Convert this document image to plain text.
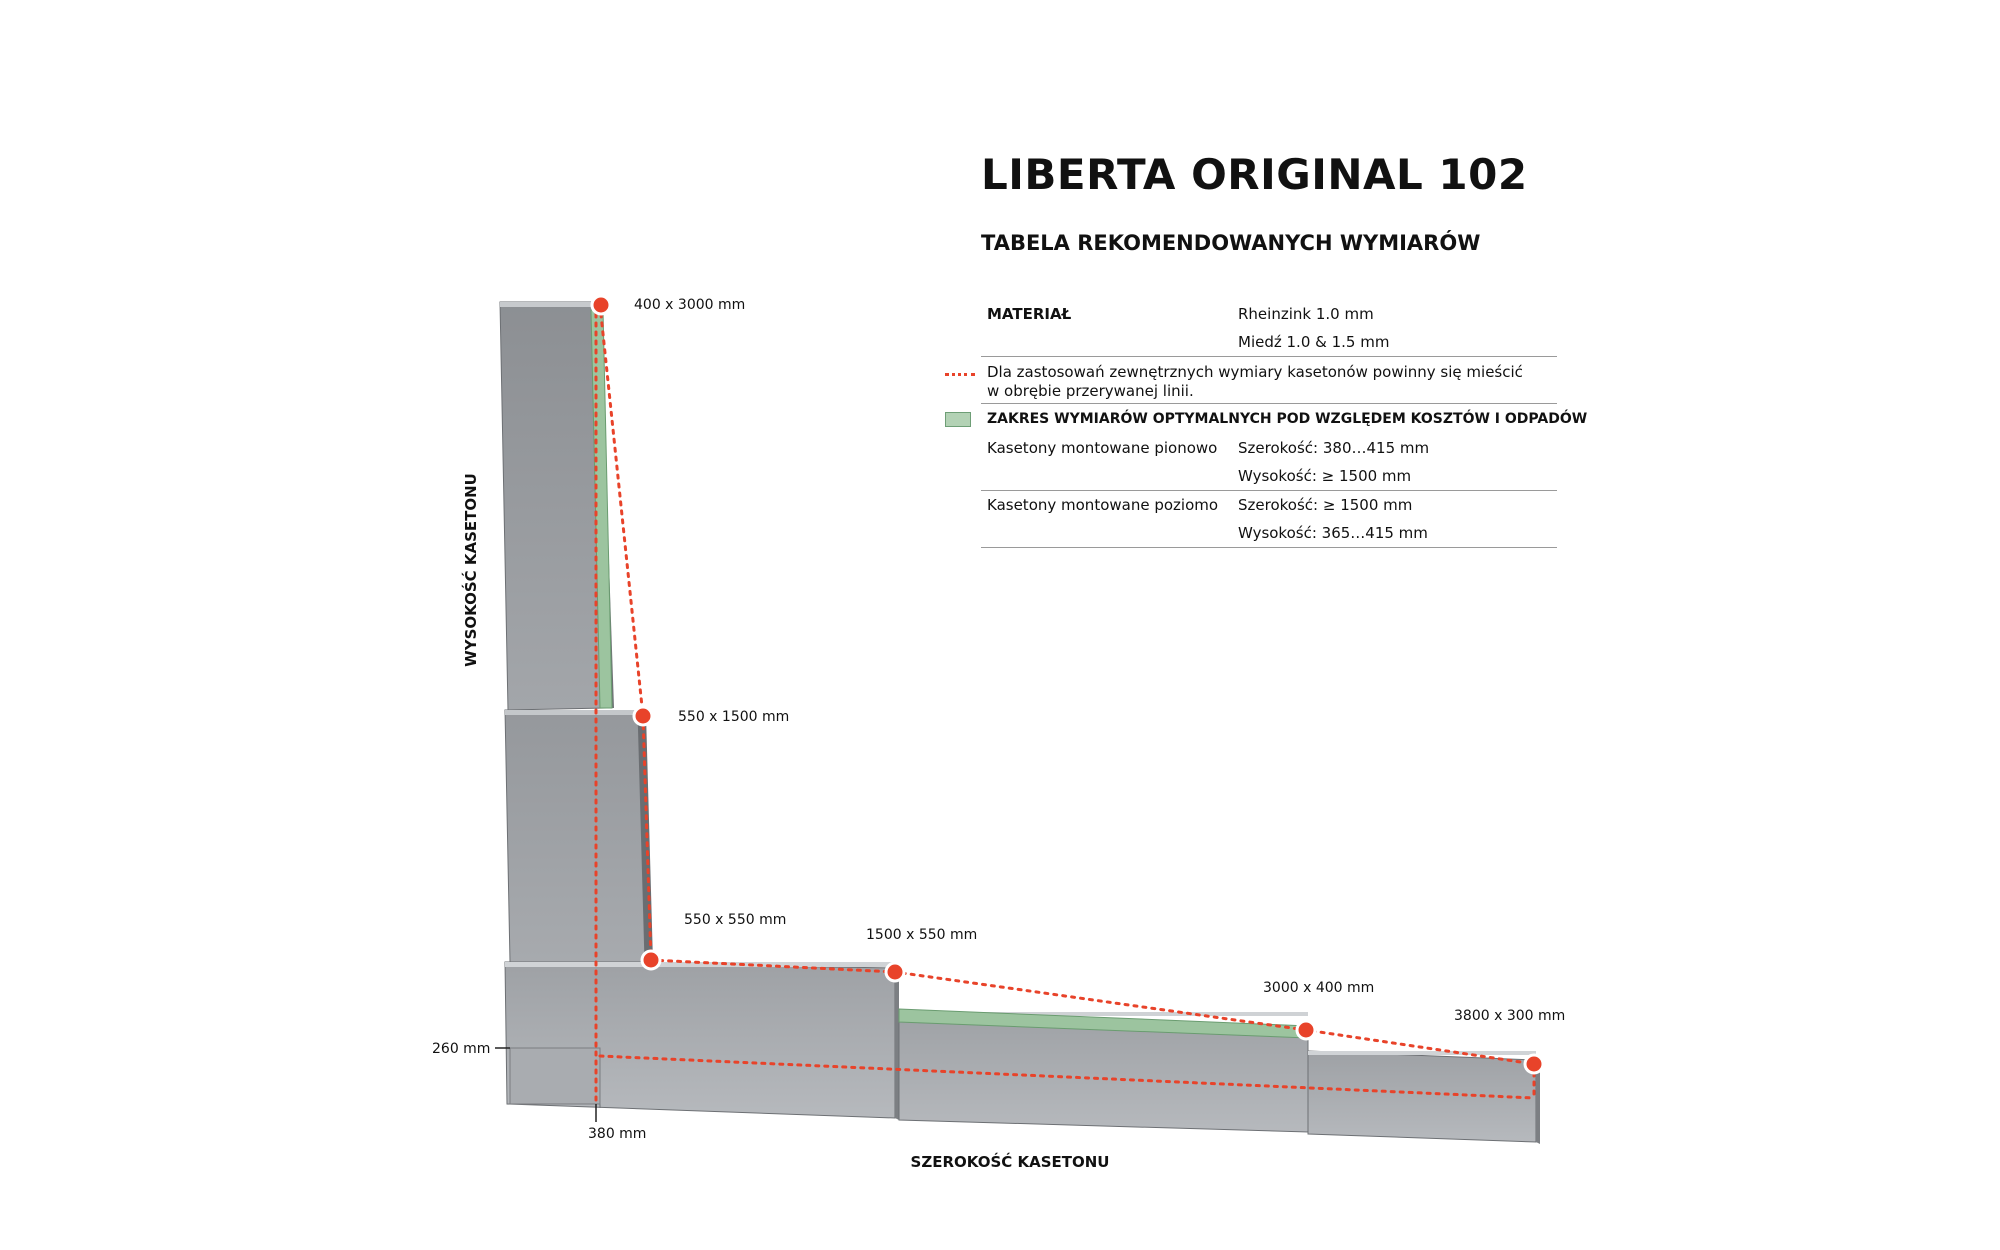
400 x 3000 mm
550 x 1500 mm
550 x 550 mm
1500 x 550 mm
3000 x 400 mm
3800 x 300 mm
260 mm
380 mm
WYSOKOŚĆ KASETONU
SZEROKOŚĆ KASETONU
LIBERTA ORIGINAL 102
TABELA REKOMENDOWANYCH WYMIARÓW
MATERIAŁ	Rheinzink 1.0 mm
Miedź 1.0 & 1.5 mm
Dla zastosowań zewnętrznych wymiary kasetonów powinny się mieścić
w obrębie przerywanej linii.
ZAKRES WYMIARÓW OPTYMALNYCH POD WZGLĘDEM KOSZTÓW I ODPADÓW
Kasetony montowane pionowo Szerokość: 380…415 mm
Wysokość: ≥ 1500 mm
Kasetony montowane poziomo Szerokość: ≥ 1500 mm
Wysokość: 365…415 mm
